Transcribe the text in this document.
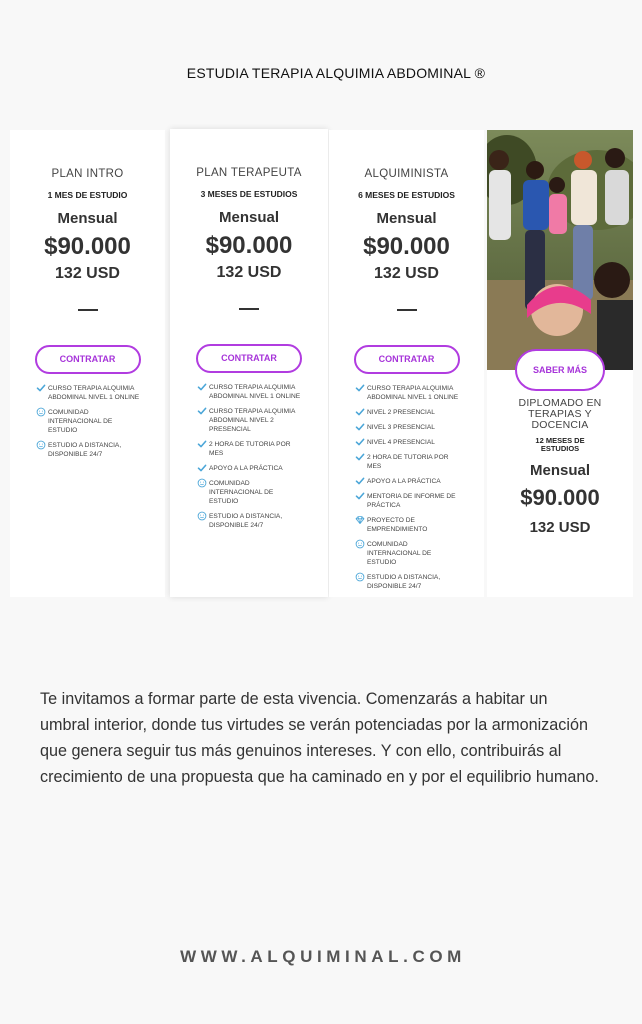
ESTUDIA TERAPIA ALQUIMIA ABDOMINAL ®
PLAN INTRO
1 MES DE ESTUDIO
Mensual
$90.000
132 USD
CONTRATAR
CURSO TERAPIA ALQUIMIA ABDOMINAL NIVEL 1 ONLINE
COMUNIDAD INTERNACIONAL DE ESTUDIO
ESTUDIO A DISTANCIA, DISPONIBLE 24/7
PLAN TERAPEUTA
3 MESES DE ESTUDIOS
Mensual
$90.000
132 USD
CONTRATAR
CURSO TERAPIA ALQUIMIA ABDOMINAL NIVEL 1 ONLINE
CURSO TERAPIA ALQUIMIA ABDOMINAL NIVEL 2 PRESENCIAL
2 HORA DE TUTORIA POR MES
APOYO A LA PRÁCTICA
COMUNIDAD INTERNACIONAL DE ESTUDIO
ESTUDIO A DISTANCIA, DISPONIBLE 24/7
ALQUIMINISTA
6 MESES DE ESTUDIOS
Mensual
$90.000
132 USD
CONTRATAR
CURSO TERAPIA ALQUIMIA ABDOMINAL NIVEL 1 ONLINE
NIVEL 2 PRESENCIAL
NIVEL 3 PRESENCIAL
NIVEL 4 PRESENCIAL
2 HORA DE TUTORIA POR MES
APOYO A LA PRÁCTICA
MENTORIA DE INFORME DE PRÁCTICA
PROYECTO DE EMPRENDIMIENTO
COMUNIDAD INTERNACIONAL DE ESTUDIO
ESTUDIO A DISTANCIA, DISPONIBLE 24/7
SABER MÁS
DIPLOMADO EN TERAPIAS Y DOCENCIA
12 MESES DE ESTUDIOS
Mensual
$90.000
132 USD

Te invitamos a formar parte de esta vivencia. Comenzarás a habitar un umbral interior, donde tus virtudes se verán potenciadas por la armonización que genera seguir tus más genuinos intereses. Y con ello, contribuirás al crecimiento de una propuesta que ha caminado en y por el equilibrio humano.

WWW.ALQUIMINAL.COM
